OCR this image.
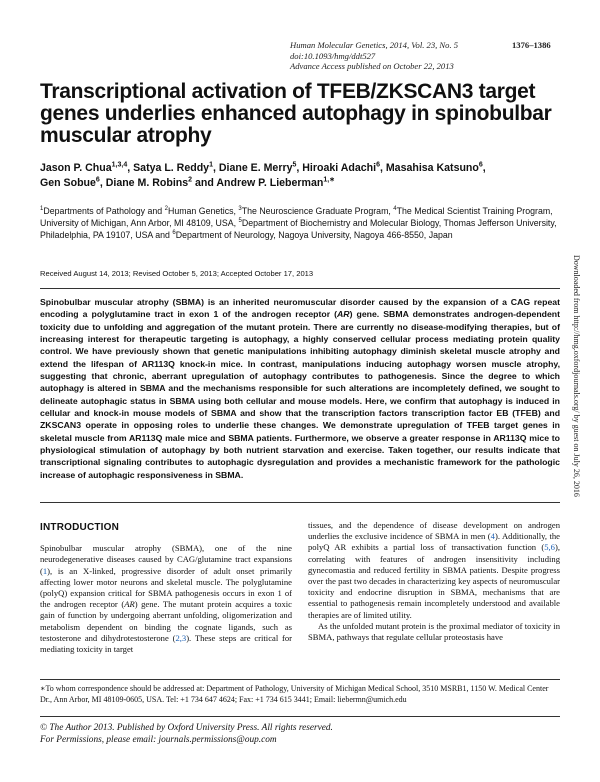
Human Molecular Genetics, 2014, Vol. 23, No. 5	1376–1386
doi:10.1093/hmg/ddt527
Advance Access published on October 22, 2013
Transcriptional activation of TFEB/ZKSCAN3 target genes underlies enhanced autophagy in spinobulbar muscular atrophy
Jason P. Chua$^{1,3,4}$, Satya L. Reddy$^1$, Diane E. Merry$^5$, Hiroaki Adachi$^6$, Masahisa Katsuno$^6$,
Gen Sobue$^6$, Diane M. Robins$^2$ and Andrew P. Lieberman$^{1,∗}$
$^1$Departments of Pathology and $^2$Human Genetics, $^3$The Neuroscience Graduate Program, $^4$The Medical Scientist Training Program, University of Michigan, Ann Arbor, MI 48109, USA, $^5$Department of Biochemistry and Molecular Biology, Thomas Jefferson University, Philadelphia, PA 19107, USA and $^6$Department of Neurology, Nagoya University, Nagoya 466-8550, Japan
Received August 14, 2013; Revised October 5, 2013; Accepted October 17, 2013
Spinobulbar muscular atrophy (SBMA) is an inherited neuromuscular disorder caused by the expansion of a CAG repeat encoding a polyglutamine tract in exon 1 of the androgen receptor (AR) gene. SBMA demonstrates androgen-dependent toxicity due to unfolding and aggregation of the mutant protein. There are currently no disease-modifying therapies, but of increasing interest for therapeutic targeting is autophagy, a highly conserved cellular process mediating protein quality control. We have previously shown that genetic manipulations inhibiting autophagy diminish skeletal muscle atrophy and extend the lifespan of AR113Q knock-in mice. In contrast, manipulations inducing autophagy worsen muscle atrophy, suggesting that chronic, aberrant upregulation of autophagy contributes to pathogenesis. Since the degree to which autophagy is altered in SBMA and the mechanisms responsible for such alterations are incompletely defined, we sought to delineate autophagic status in SBMA using both cellular and mouse models. Here, we confirm that autophagy is induced in cellular and knock-in mouse models of SBMA and show that the transcription factors transcription factor EB (TFEB) and ZKSCAN3 operate in opposing roles to underlie these changes. We demonstrate upregulation of TFEB target genes in skeletal muscle from AR113Q male mice and SBMA patients. Furthermore, we observe a greater response in AR113Q mice to physiological stimulation of autophagy by both nutrient starvation and exercise. Taken together, our results indicate that transcriptional signaling contributes to autophagic dysregulation and provides a mechanistic framework for the pathologic increase of autophagic responsiveness in SBMA.
INTRODUCTION

Spinobulbar muscular atrophy (SBMA), one of the nine neurodegenerative diseases caused by CAG/glutamine tract expansions (1), is an X-linked, progressive disorder of adult onset primarily affecting lower motor neurons and skeletal muscle. The polyglutamine (polyQ) expansion critical for SBMA pathogenesis occurs in exon 1 of the androgen receptor (AR) gene. The mutant protein acquires a toxic gain of function by undergoing aberrant unfolding, oligomerization and metabolism dependent on binding the cognate ligands, such as testosterone and dihydrotestosterone (2,3). These steps are critical for mediating toxicity in target

tissues, and the dependence of disease development on androgen underlies the exclusive incidence of SBMA in men (4). Additionally, the polyQ AR exhibits a partial loss of transactivation function (5,6), correlating with features of androgen insensitivity including gynecomastia and reduced fertility in SBMA patients. Despite progress over the past two decades in characterizing key aspects of neuromuscular toxicity and endocrine disruption in SBMA, mechanisms that are essential to pathogenesis remain incompletely understood and available therapies are of limited utility.

As the unfolded mutant protein is the proximal mediator of toxicity in SBMA, pathways that regulate cellular proteostasis have

∗To whom correspondence should be addressed at: Department of Pathology, University of Michigan Medical School, 3510 MSRB1, 1150 W. Medical Center Dr., Ann Arbor, MI 48109-0605, USA. Tel: +1 734 647 4624; Fax: +1 734 615 3441; Email: liebermn@umich.edu
© The Author 2013. Published by Oxford University Press. All rights reserved.
For Permissions, please email: journals.permissions@oup.com
Downloaded from http://hmg.oxfordjournals.org/ by guest on July 26, 2016
